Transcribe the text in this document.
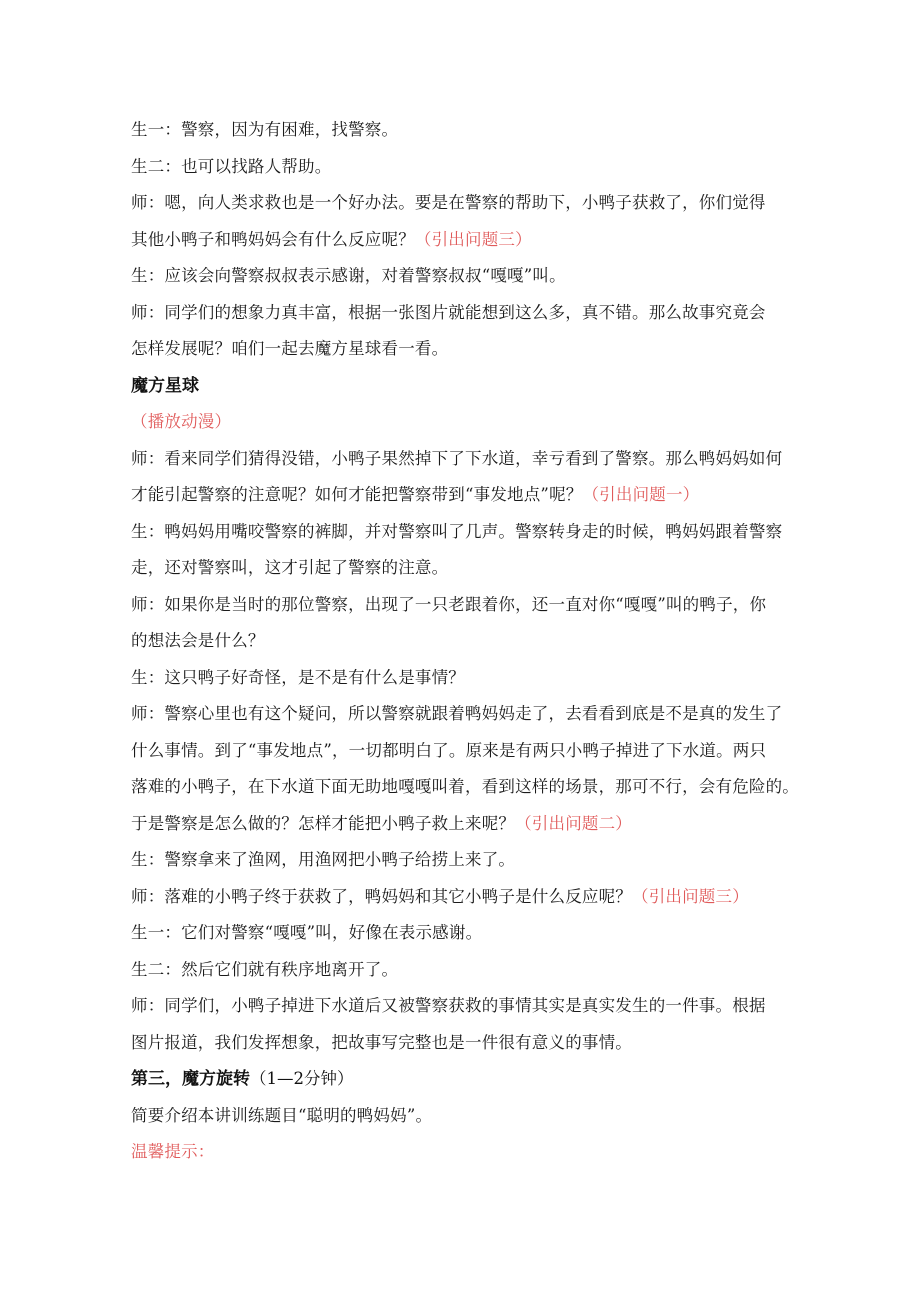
生一：警察，因为有困难，找警察。

生二：也可以找路人帮助。

师：嗯，向人类求救也是一个好办法。要是在警察的帮助下，小鸭子获救了，你们觉得

其他小鸭子和鸭妈妈会有什么反应呢？（引出问题三）

生：应该会向警察叔叔表示感谢，对着警察叔叔“嘎嘎”叫。

师：同学们的想象力真丰富，根据一张图片就能想到这么多，真不错。那么故事究竟会

怎样发展呢？咱们一起去魔方星球看一看。

魔方星球

（播放动漫）

师：看来同学们猜得没错，小鸭子果然掉下了下水道，幸亏看到了警察。那么鸭妈妈如何

才能引起警察的注意呢？如何才能把警察带到“事发地点”呢？（引出问题一）

生：鸭妈妈用嘴咬警察的裤脚，并对警察叫了几声。警察转身走的时候，鸭妈妈跟着警察

走，还对警察叫，这才引起了警察的注意。

师：如果你是当时的那位警察，出现了一只老跟着你，还一直对你“嘎嘎”叫的鸭子，你

的想法会是什么？

生：这只鸭子好奇怪，是不是有什么是事情？

师：警察心里也有这个疑问，所以警察就跟着鸭妈妈走了，去看看到底是不是真的发生了

什么事情。到了“事发地点”，一切都明白了。原来是有两只小鸭子掉进了下水道。两只

落难的小鸭子，在下水道下面无助地嘎嘎叫着，看到这样的场景，那可不行，会有危险的。

于是警察是怎么做的？怎样才能把小鸭子救上来呢？（引出问题二）

生：警察拿来了渔网，用渔网把小鸭子给捞上来了。

师：落难的小鸭子终于获救了，鸭妈妈和其它小鸭子是什么反应呢？（引出问题三）

生一：它们对警察“嘎嘎”叫，好像在表示感谢。

生二：然后它们就有秩序地离开了。

师：同学们，小鸭子掉进下水道后又被警察获救的事情其实是真实发生的一件事。根据

图片报道，我们发挥想象，把故事写完整也是一件很有意义的事情。

第三，魔方旋转（1—2分钟）

简要介绍本讲训练题目“聪明的鸭妈妈”。

温馨提示：
